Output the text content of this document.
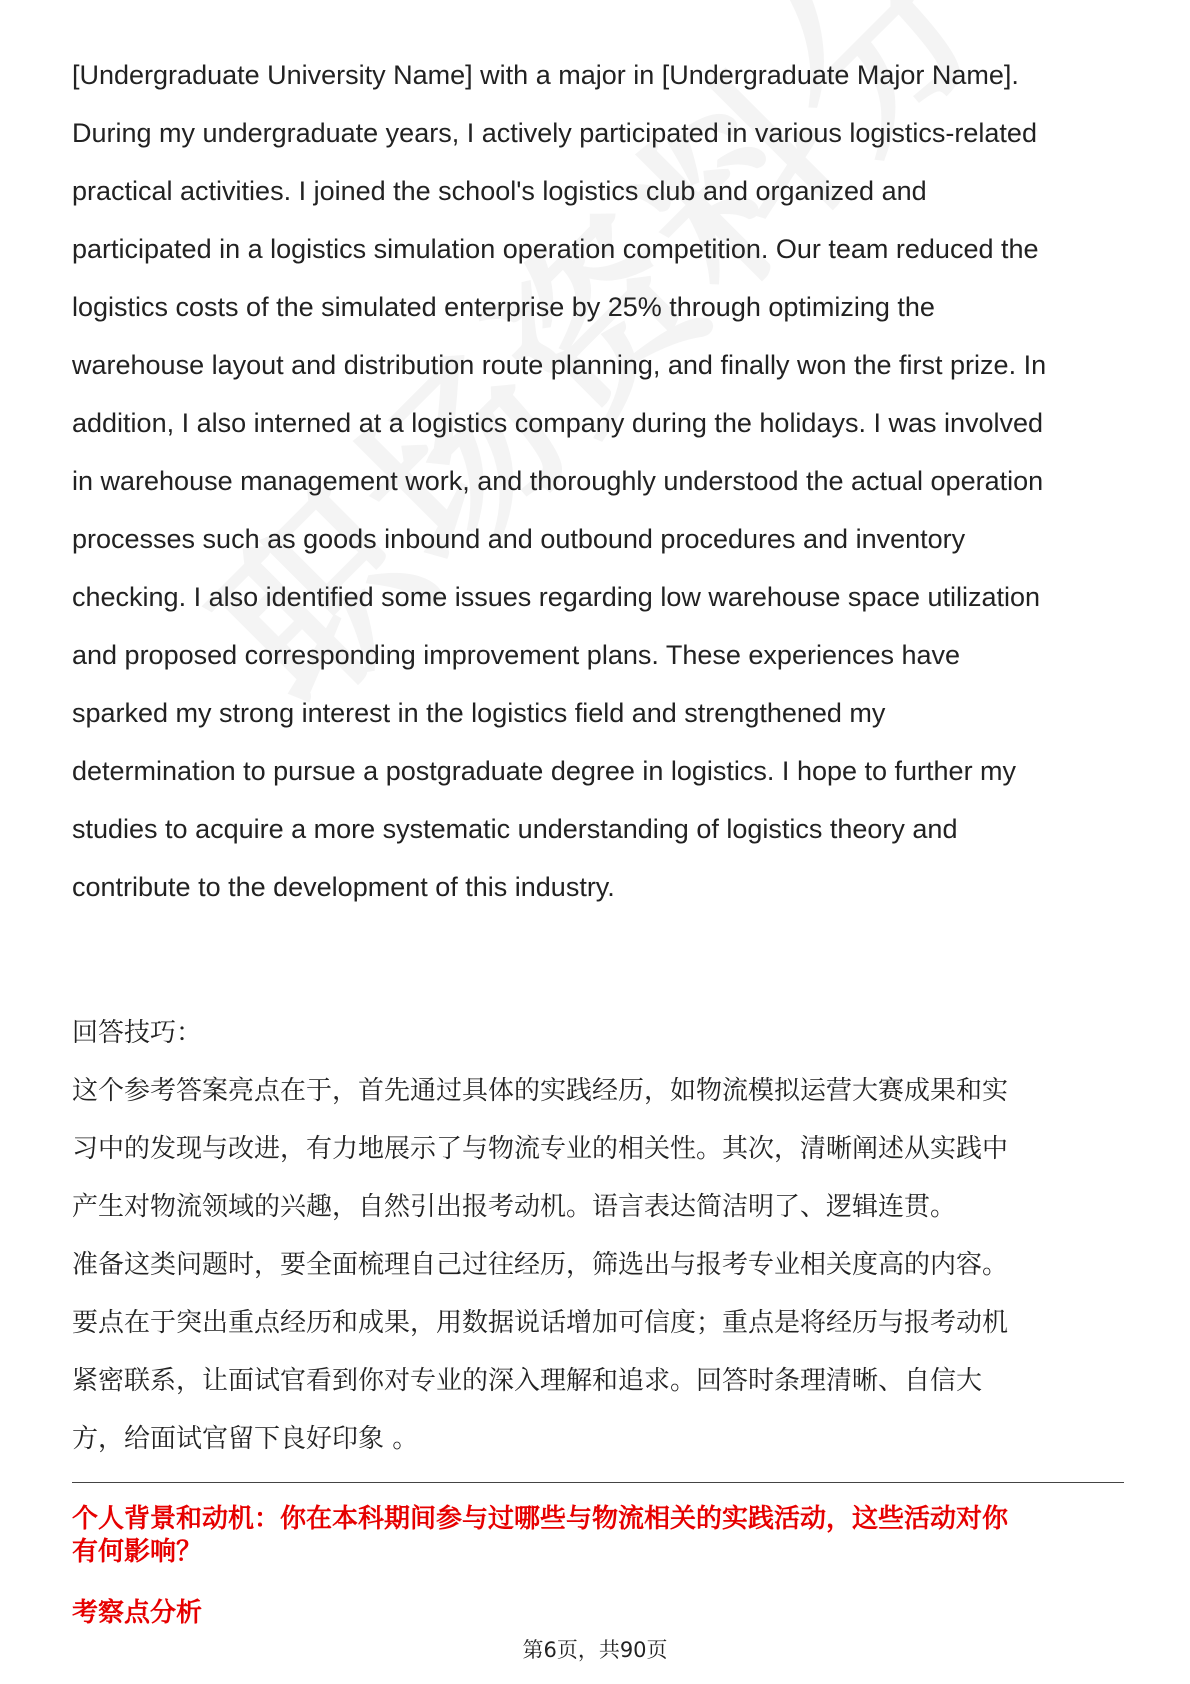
[Undergraduate University Name] with a major in [Undergraduate Major Name].
During my undergraduate years, I actively participated in various logistics-related
practical activities. I joined the school's logistics club and organized and
participated in a logistics simulation operation competition. Our team reduced the
logistics costs of the simulated enterprise by 25% through optimizing the
warehouse layout and distribution route planning, and finally won the first prize. In
addition, I also interned at a logistics company during the holidays. I was involved
in warehouse management work, and thoroughly understood the actual operation
processes such as goods inbound and outbound procedures and inventory
checking. I also identified some issues regarding low warehouse space utilization
and proposed corresponding improvement plans. These experiences have
sparked my strong interest in the logistics field and strengthened my
determination to pursue a postgraduate degree in logistics. I hope to further my
studies to acquire a more systematic understanding of logistics theory and
contribute to the development of this industry.
回答技巧：
这个参考答案亮点在于，首先通过具体的实践经历，如物流模拟运营大赛成果和实
习中的发现与改进，有力地展示了与物流专业的相关性。其次，清晰阐述从实践中
产生对物流领域的兴趣，自然引出报考动机。语言表达简洁明了、逻辑连贯。
准备这类问题时，要全面梳理自己过往经历，筛选出与报考专业相关度高的内容。
要点在于突出重点经历和成果，用数据说话增加可信度；重点是将经历与报考动机
紧密联系，让面试官看到你对专业的深入理解和追求。回答时条理清晰、自信大
方，给面试官留下良好印象 。
个人背景和动机：你在本科期间参与过哪些与物流相关的实践活动，这些活动对你
有何影响？
考察点分析
第6页，共90页
